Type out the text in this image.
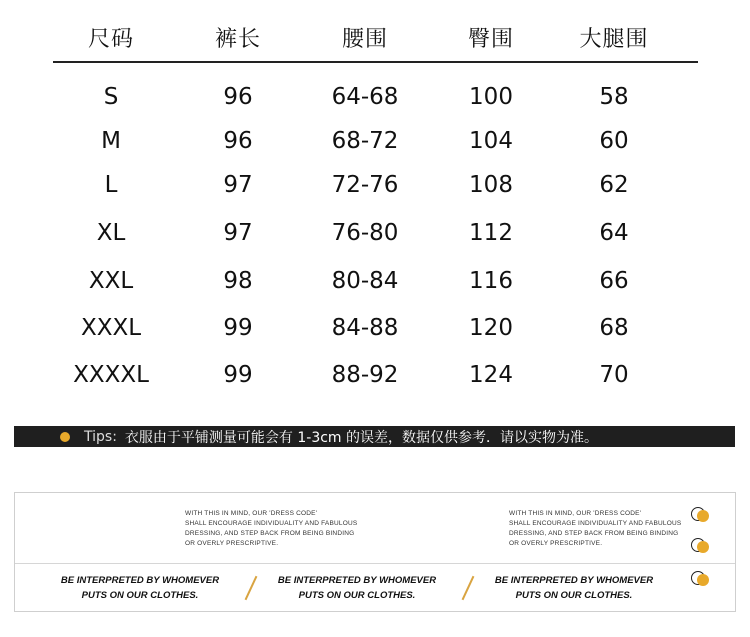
尺码	裤长	腰围	臀围	大腿围
S	96	64-68	100	58
M	96	68-72	104	60
L	97	72-76	108	62
XL	97	76-80	112	64
XXL	98	80-84	116	66
XXXL	99	84-88	120	68
XXXXL	99	88-92	124	70
Tips: 衣服由于平铺测量可能会有 1-3cm 的误差，数据仅供参考．请以实物为准。
WITH THIS IN MIND, OUR 'DRESS CODE'
SHALL ENCOURAGE INDIVIDUALITY AND FABULOUS
DRESSING, AND STEP BACK FROM BEING BINDING
OR OVERLY PRESCRIPTIVE.
WITH THIS IN MIND, OUR 'DRESS CODE'
SHALL ENCOURAGE INDIVIDUALITY AND FABULOUS
DRESSING, AND STEP BACK FROM BEING BINDING
OR OVERLY PRESCRIPTIVE.
BE INTERPRETED BY WHOMEVER
PUTS ON OUR CLOTHES.
BE INTERPRETED BY WHOMEVER
PUTS ON OUR CLOTHES.
BE INTERPRETED BY WHOMEVER
PUTS ON OUR CLOTHES.
